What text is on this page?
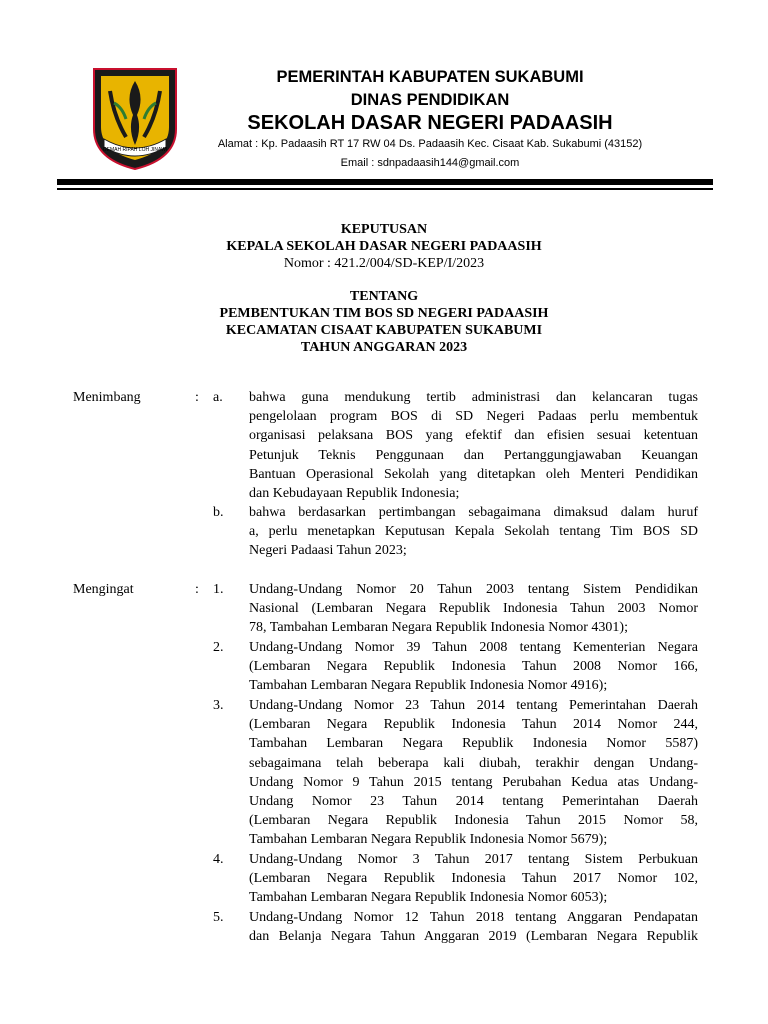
GEMAH RIPAH LOH JINAWI
PEMERINTAH KABUPATEN SUKABUMI
DINAS PENDIDIKAN
SEKOLAH DASAR NEGERI PADAASIH
Alamat : Kp. Padaasih RT 17 RW 04 Ds. Padaasih Kec. Cisaat Kab. Sukabumi (43152)
Email : sdnpadaasih144@gmail.com
KEPUTUSAN
KEPALA SEKOLAH DASAR NEGERI PADAASIH
Nomor : 421.2/004/SD-KEP/I/2023
TENTANG
PEMBENTUKAN TIM BOS SD NEGERI PADAASIH
KECAMATAN CISAAT KABUPATEN SUKABUMI
TAHUN ANGGARAN 2023
Menimbang	: a. bahwa guna mendukung tertib administrasi dan kelancaran tugas
pengelolaan program BOS di SD Negeri Padaas perlu membentuk
organisasi pelaksana BOS yang efektif dan efisien sesuai ketentuan
Petunjuk Teknis Penggunaan dan Pertanggungjawaban Keuangan
Bantuan Operasional Sekolah yang ditetapkan oleh Menteri Pendidikan
dan Kebudayaan Republik Indonesia;
b. bahwa berdasarkan pertimbangan sebagaimana dimaksud dalam huruf
a, perlu menetapkan Keputusan Kepala Sekolah tentang Tim BOS SD
Negeri Padaasi Tahun 2023;
Mengingat	: 1. Undang-Undang Nomor 20 Tahun 2003 tentang Sistem Pendidikan
Nasional (Lembaran Negara Republik Indonesia Tahun 2003 Nomor
78, Tambahan Lembaran Negara Republik Indonesia Nomor 4301);
2. Undang-Undang Nomor 39 Tahun 2008 tentang Kementerian Negara
(Lembaran Negara Republik Indonesia Tahun 2008 Nomor 166,
Tambahan Lembaran Negara Republik Indonesia Nomor 4916);
3. Undang-Undang Nomor 23 Tahun 2014 tentang Pemerintahan Daerah
(Lembaran Negara Republik Indonesia Tahun 2014 Nomor 244,
Tambahan Lembaran Negara Republik Indonesia Nomor 5587)
sebagaimana telah beberapa kali diubah, terakhir dengan Undang-
Undang Nomor 9 Tahun 2015 tentang Perubahan Kedua atas Undang-
Undang Nomor 23 Tahun 2014 tentang Pemerintahan Daerah
(Lembaran Negara Republik Indonesia Tahun 2015 Nomor 58,
Tambahan Lembaran Negara Republik Indonesia Nomor 5679);
4. Undang-Undang Nomor 3 Tahun 2017 tentang Sistem Perbukuan
(Lembaran Negara Republik Indonesia Tahun 2017 Nomor 102,
Tambahan Lembaran Negara Republik Indonesia Nomor 6053);
5. Undang-Undang Nomor 12 Tahun 2018 tentang Anggaran Pendapatan
dan Belanja Negara Tahun Anggaran 2019 (Lembaran Negara Republik
